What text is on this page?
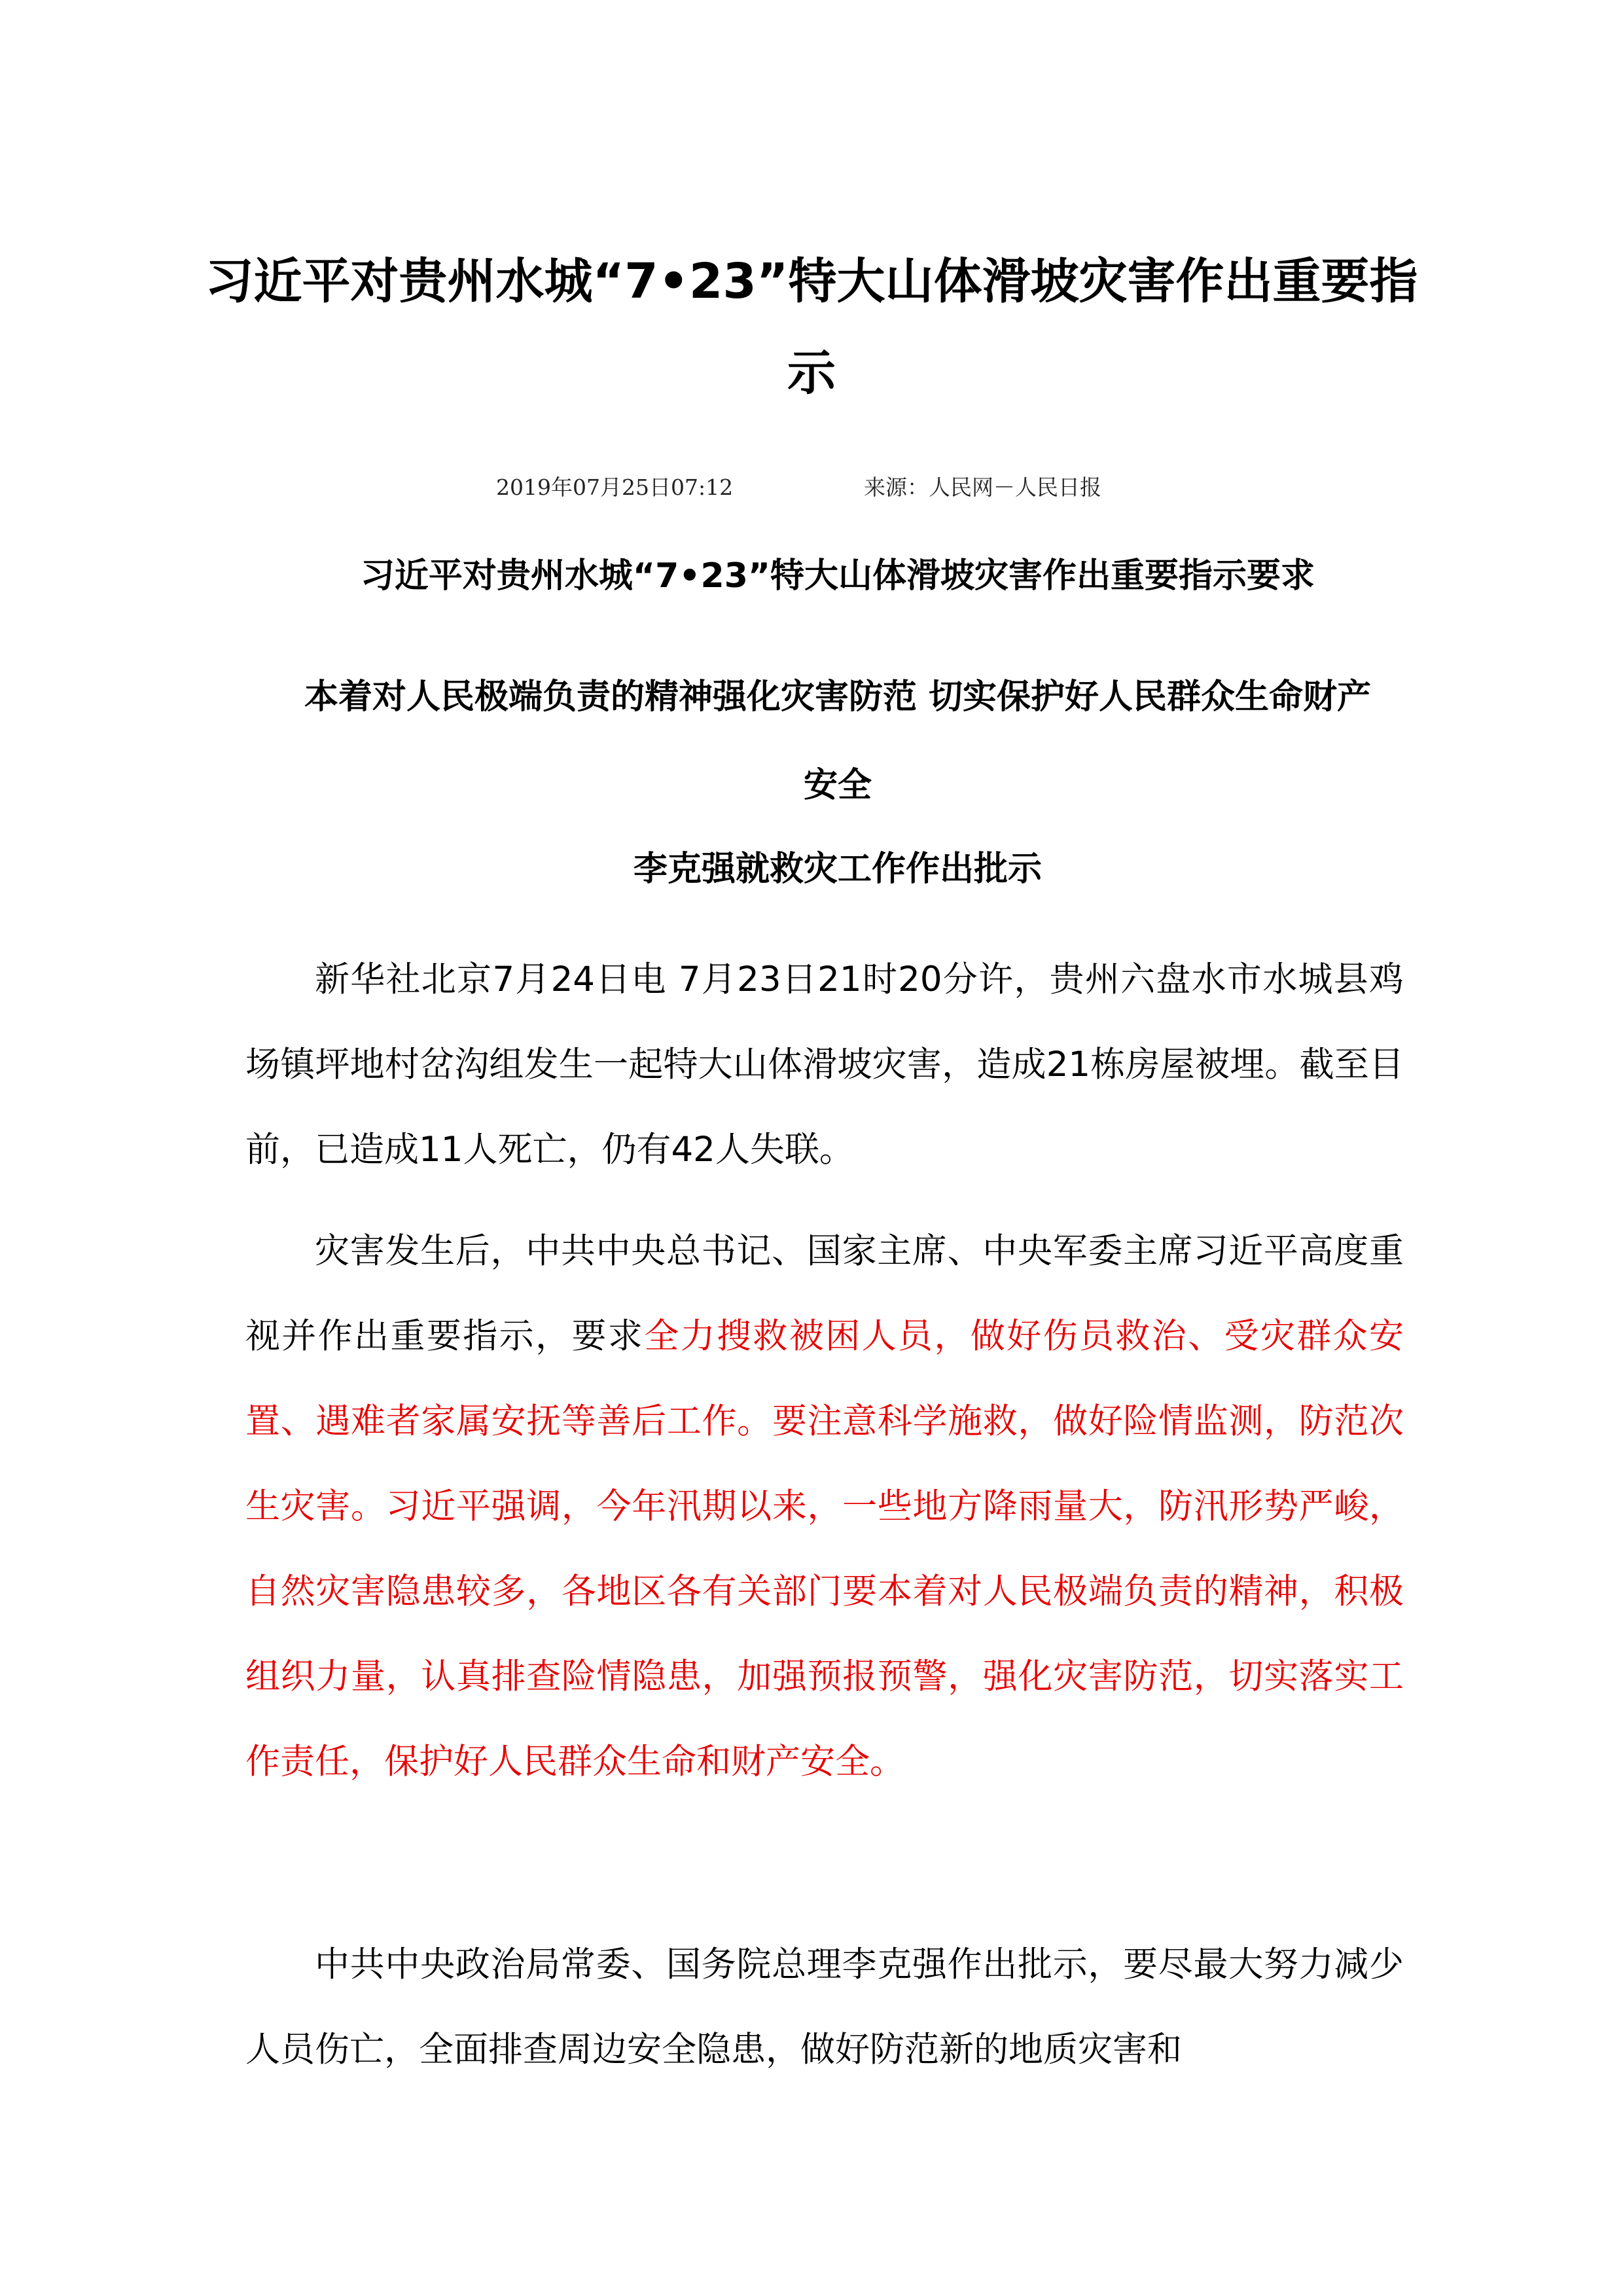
习近平对贵州水城“7•23”特大山体滑坡灾害作出重要指示
2019年07月25日07:12	来源：人民网－人民日报
习近平对贵州水城“7•23”特大山体滑坡灾害作出重要指示要求
本着对人民极端负责的精神强化灾害防范 切实保护好人民群众生命财产安全
李克强就救灾工作作出批示

新华社北京7月24日电 7月23日21时20分许，贵州六盘水市水城县鸡场镇坪地村岔沟组发生一起特大山体滑坡灾害，造成21栋房屋被埋。截至目前，已造成11人死亡，仍有42人失联。

灾害发生后，中共中央总书记、国家主席、中央军委主席习近平高度重视并作出重要指示，要求全力搜救被困人员，做好伤员救治、受灾群众安置、遇难者家属安抚等善后工作。要注意科学施救，做好险情监测，防范次生灾害。习近平强调，今年汛期以来，一些地方降雨量大，防汛形势严峻，自然灾害隐患较多，各地区各有关部门要本着对人民极端负责的精神，积极组织力量，认真排查险情隐患，加强预报预警，强化灾害防范，切实落实工作责任，保护好人民群众生命和财产安全。

中共中央政治局常委、国务院总理李克强作出批示，要尽最大努力减少人员伤亡，全面排查周边安全隐患，做好防范新的地质灾害和
